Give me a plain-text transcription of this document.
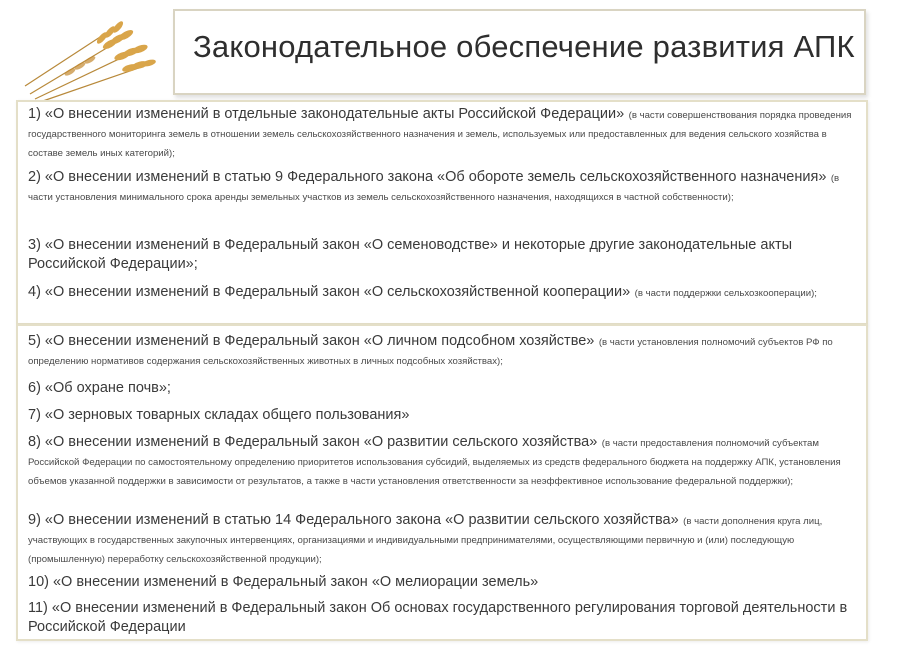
Законодательное обеспечение развития АПК
1) «О внесении изменений в отдельные законодательные акты Российской Федерации» (в части совершенствования порядка проведения государственного мониторинга земель в отношении земель сельскохозяйственного назначения и земель, используемых или предоставленных для ведения сельского хозяйства в составе земель иных категорий);
2) «О внесении изменений в статью 9 Федерального закона «Об обороте земель сельскохозяйственного назначения» (в части установления минимального срока аренды земельных участков из земель сельскохозяйственного назначения, находящихся в частной собственности);
3) «О внесении изменений в Федеральный закон «О семеноводстве» и некоторые другие законодательные акты Российской Федерации»;
4) «О внесении изменений в Федеральный закон «О сельскохозяйственной кооперации» (в части поддержки сельхозкооперации);
5) «О внесении изменений в Федеральный закон «О личном подсобном хозяйстве» (в части установления полномочий субъектов РФ по определению нормативов содержания сельскохозяйственных животных в личных подсобных хозяйствах);
6) «Об охране почв»;
7) «О зерновых товарных складах общего пользования»
8) «О внесении изменений в Федеральный закон «О развитии сельского хозяйства» (в части предоставления полномочий субъектам Российской Федерации по самостоятельному определению приоритетов использования субсидий, выделяемых из средств федерального бюджета на поддержку АПК, установления объемов указанной поддержки в зависимости от результатов, а также в части установления ответственности за неэффективное использование федеральной поддержки);
9) «О внесении изменений в статью 14 Федерального закона «О развитии сельского хозяйства» (в части дополнения круга лиц, участвующих в государственных закупочных интервенциях, организациями и индивидуальными предпринимателями, осуществляющими первичную и (или) последующую (промышленную) переработку сельскохозяйственной продукции);
10) «О внесении изменений в Федеральный закон «О мелиорации земель»
11) «О внесении изменений в Федеральный закон Об основах государственного регулирования торговой деятельности в Российской Федерации
